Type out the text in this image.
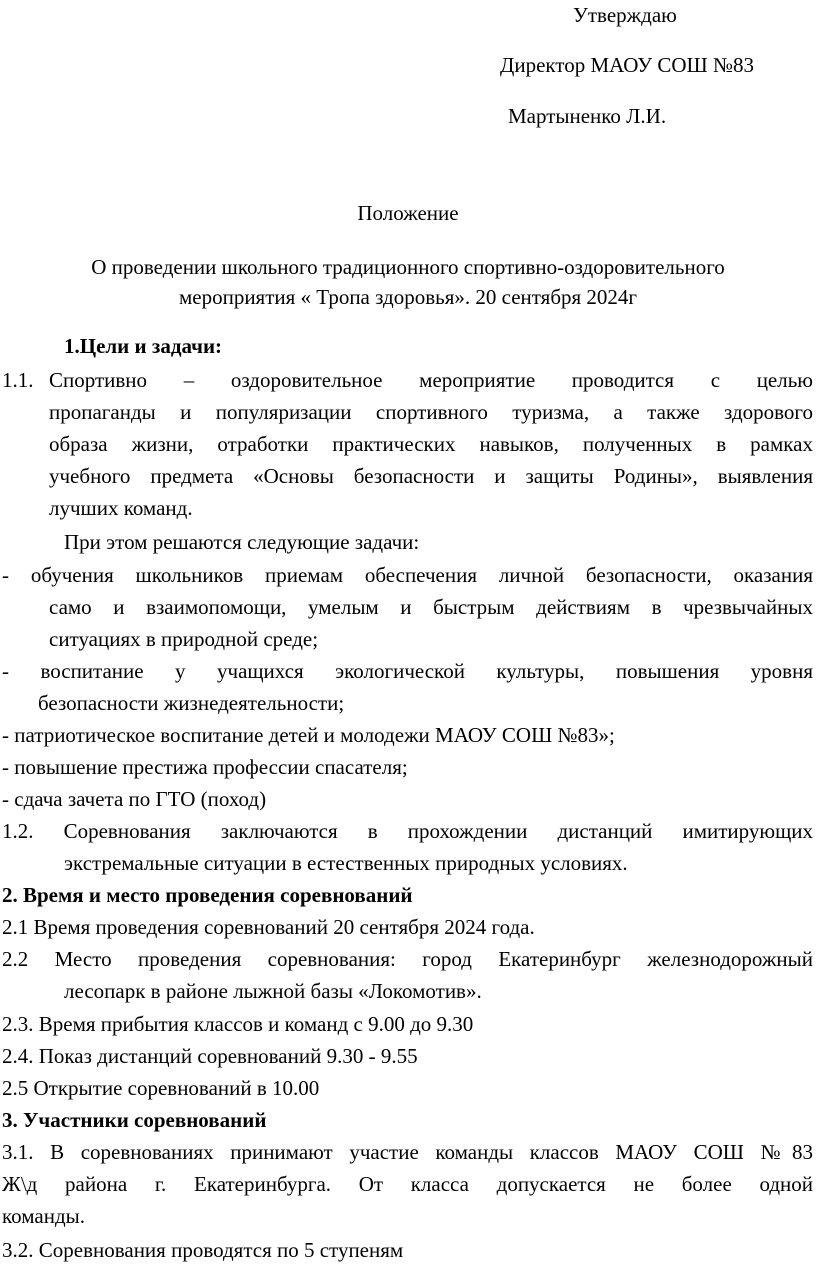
Утверждаю
Директор МАОУ СОШ №83
Мартыненко Л.И.
Положение
О проведении школьного традиционного спортивно-оздоровительного
мероприятия « Тропа здоровья». 20 сентября 2024г
1.Цели и задачи:
1.1. Спортивно – оздоровительное мероприятие проводится с целью
пропаганды и популяризации спортивного туризма, а также здорового
образа жизни, отработки практических навыков, полученных в рамках
учебного предмета «Основы безопасности и защиты Родины», выявления
лучших команд.
При этом решаются следующие задачи:
- обучения школьников приемам обеспечения личной безопасности, оказания
само и взаимопомощи, умелым и быстрым действиям в чрезвычайных
ситуациях в природной среде;
- воспитание у учащихся экологической культуры, повышения уровня
безопасности жизнедеятельности;
- патриотическое воспитание детей и молодежи МАОУ СОШ №83»;
- повышение престижа профессии спасателя;
- сдача зачета по ГТО (поход)
1.2. Соревнования заключаются в прохождении дистанций имитирующих
экстремальные ситуации в естественных природных условиях.
2. Время и место проведения соревнований
2.1 Время проведения соревнований 20 сентября 2024 года.
2.2 Место проведения соревнования: город Екатеринбург железнодорожный
лесопарк в районе лыжной базы «Локомотив».
2.3. Время прибытия классов и команд с 9.00 до 9.30
2.4. Показ дистанций соревнований 9.30 - 9.55
2.5 Открытие соревнований в 10.00
3. Участники соревнований
3.1. В соревнованиях принимают участие команды классов МАОУ СОШ №83
Ж\д района г. Екатеринбурга. От класса допускается не более одной
команды.
3.2. Соревнования проводятся по 5 ступеням
